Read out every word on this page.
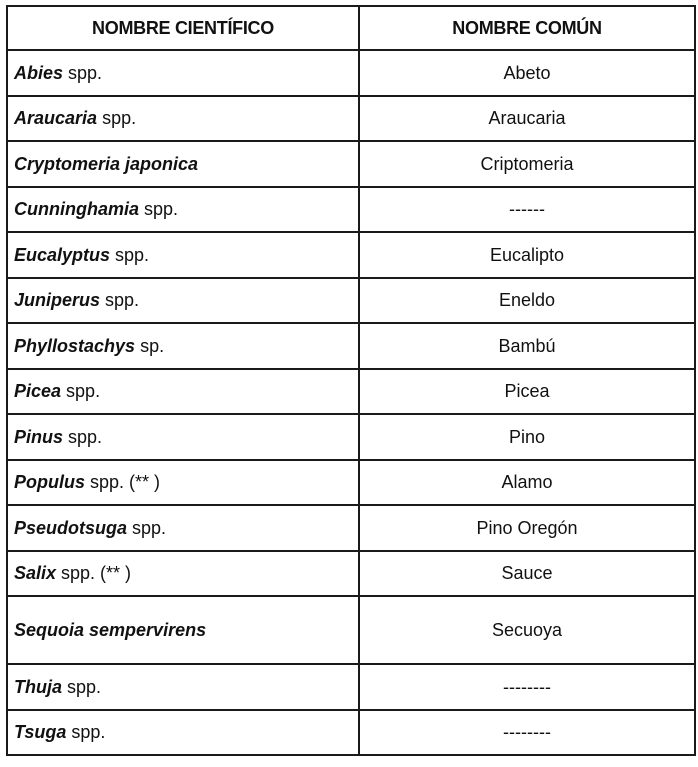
NOMBRE CIENTÍFICO	NOMBRE COMÚN
Abies spp.	Abeto
Araucaria spp.	Araucaria
Cryptomeria japonica	Criptomeria
Cunninghamia spp.	------
Eucalyptus spp.	Eucalipto
Juniperus spp.	Eneldo
Phyllostachys sp.	Bambú
Picea spp.	Picea
Pinus spp.	Pino
Populus spp. (** )	Alamo
Pseudotsuga spp.	Pino Oregón
Salix spp. (** )	Sauce
Sequoia sempervirens	Secuoya
Thuja spp.	--------
Tsuga spp.	--------
